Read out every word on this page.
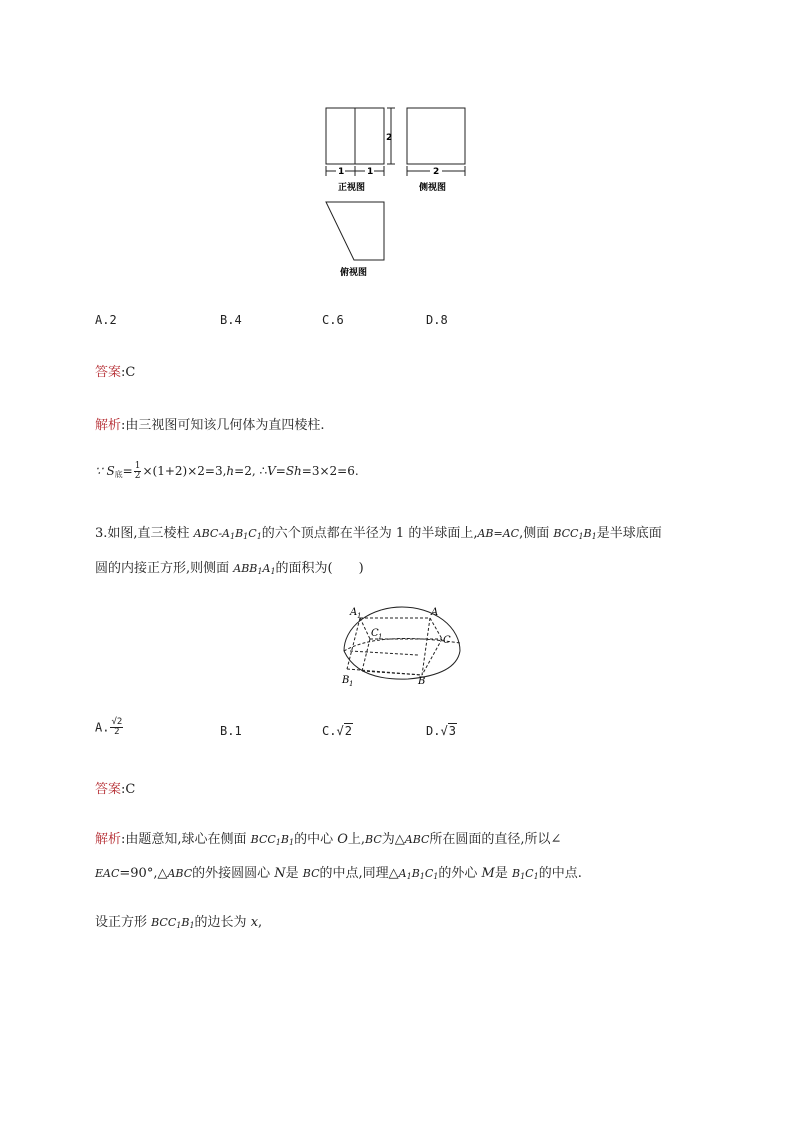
1	1
2
2
正视图	侧视图
俯视图
A.2	B.4	C.6	D.8
答案:C
解析:由三视图可知该几何体为直四棱柱.
∵ $S_底= \frac{1}{2} \times(1+2)\times 2=3,h=2$, ∴V=Sh=3×2=6.
3.如图,直三棱柱 ABC-$A_1B_1C_1$的六个顶点都在半径为 1 的半球面上,AB=AC,侧面 $BCC_1B_1$是半球底面
圆的内接正方形,则侧面 $ABB_1A_1$的面积为(　　)
A 1	A
C 1	C
B 1	B
A. $\frac{√2}{2}$	B.1	C.√2	D.√3
答案:C
解析:由题意知,球心在侧面 $BCC_1B_1$的中心 O上,BC为△ABC所在圆面的直径,所以∠
EAC=90°,△ABC的外接圆圆心 N是 BC的中点,同理$\triangle A_1B_1C_1$的外心 M是 $B_1C_1$的中点.
设正方形 $BCC_1B_1$的边长为 x,
